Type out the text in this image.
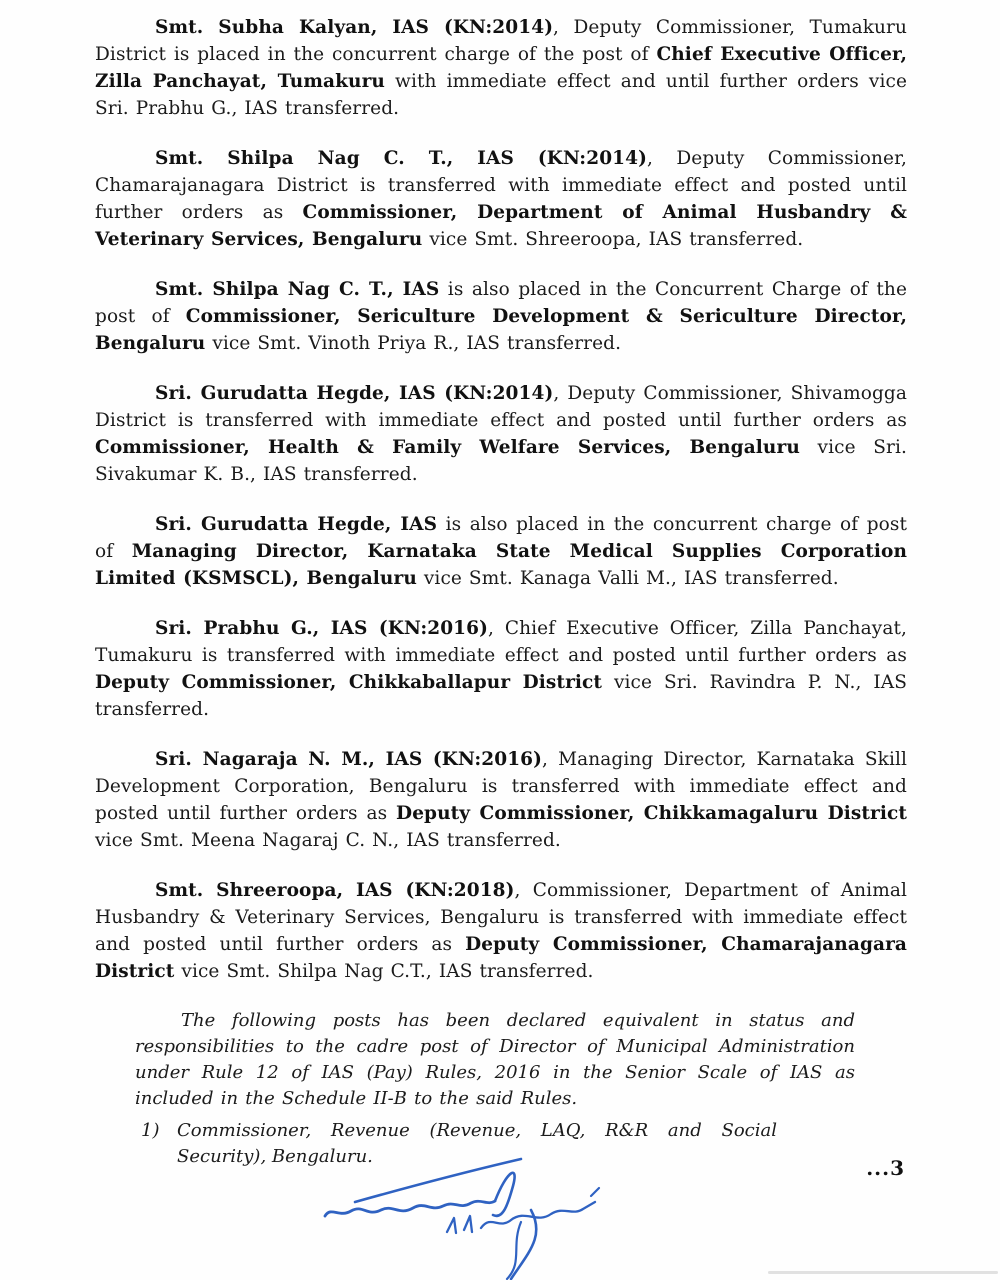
Smt. Subha Kalyan, IAS (KN:2014), Deputy Commissioner, Tumakuru District is placed in the concurrent charge of the post of Chief Executive Officer, Zilla Panchayat, Tumakuru with immediate effect and until further orders vice Sri. Prabhu G., IAS transferred.

Smt. Shilpa Nag C. T., IAS (KN:2014), Deputy Commissioner, Chamarajanagara District is transferred with immediate effect and posted until further orders as Commissioner, Department of Animal Husbandry & Veterinary Services, Bengaluru vice Smt. Shreeroopa, IAS transferred.

Smt. Shilpa Nag C. T., IAS is also placed in the Concurrent Charge of the post of Commissioner, Sericulture Development & Sericulture Director, Bengaluru vice Smt. Vinoth Priya R., IAS transferred.

Sri. Gurudatta Hegde, IAS (KN:2014), Deputy Commissioner, Shivamogga District is transferred with immediate effect and posted until further orders as Commissioner, Health & Family Welfare Services, Bengaluru vice Sri. Sivakumar K. B., IAS transferred.

Sri. Gurudatta Hegde, IAS is also placed in the concurrent charge of post of Managing Director, Karnataka State Medical Supplies Corporation Limited (KSMSCL), Bengaluru vice Smt. Kanaga Valli M., IAS transferred.

Sri. Prabhu G., IAS (KN:2016), Chief Executive Officer, Zilla Panchayat, Tumakuru is transferred with immediate effect and posted until further orders as Deputy Commissioner, Chikkaballapur District vice Sri. Ravindra P. N., IAS transferred.

Sri. Nagaraja N. M., IAS (KN:2016), Managing Director, Karnataka Skill Development Corporation, Bengaluru is transferred with immediate effect and posted until further orders as Deputy Commissioner, Chikkamagaluru District vice Smt. Meena Nagaraj C. N., IAS transferred.

Smt. Shreeroopa, IAS (KN:2018), Commissioner, Department of Animal Husbandry & Veterinary Services, Bengaluru is transferred with immediate effect and posted until further orders as Deputy Commissioner, Chamarajanagara District vice Smt. Shilpa Nag C.T., IAS transferred.

The following posts has been declared equivalent in status and responsibilities to the cadre post of Director of Municipal Administration under Rule 12 of IAS (Pay) Rules, 2016 in the Senior Scale of IAS as included in the Schedule II-B to the said Rules.
1) Commissioner, Revenue (Revenue, LAQ, R&R and Social Security), Bengaluru.	...3
